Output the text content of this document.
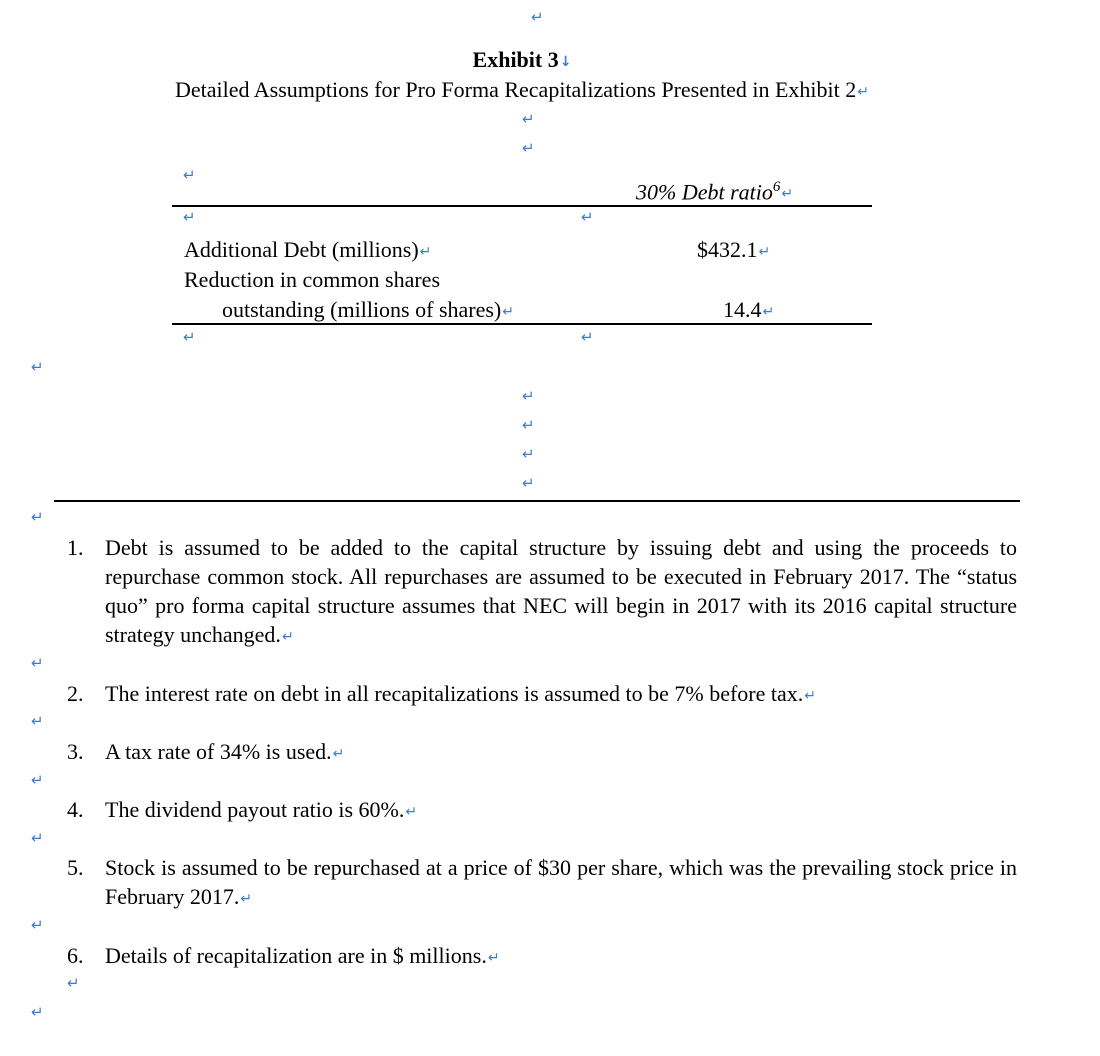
↵
Exhibit 3↓
Detailed Assumptions for Pro Forma Recapitalizations Presented in Exhibit 2↵
↵
↵
↵
30% Debt ratio$^6$↵
↵	↵
Additional Debt (millions)↵	$432.1↵
Reduction in common shares
outstanding (millions of shares)↵	14.4↵
↵	↵
↵
↵
↵
↵
↵
↵
1. Debt is assumed to be added to the capital structure by issuing debt and using the proceeds to repurchase common stock. All repurchases are assumed to be executed in February 2017. The “status quo” pro forma capital structure assumes that NEC will begin in 2017 with its 2016 capital structure strategy unchanged.↵
↵
2. The interest rate on debt in all recapitalizations is assumed to be 7% before tax.↵
↵
3. A tax rate of 34% is used.↵
↵
4. The dividend payout ratio is 60%.↵
↵
5. Stock is assumed to be repurchased at a price of $30 per share, which was the prevailing stock price in February 2017.↵
↵
6. Details of recapitalization are in $ millions.↵
↵
↵
